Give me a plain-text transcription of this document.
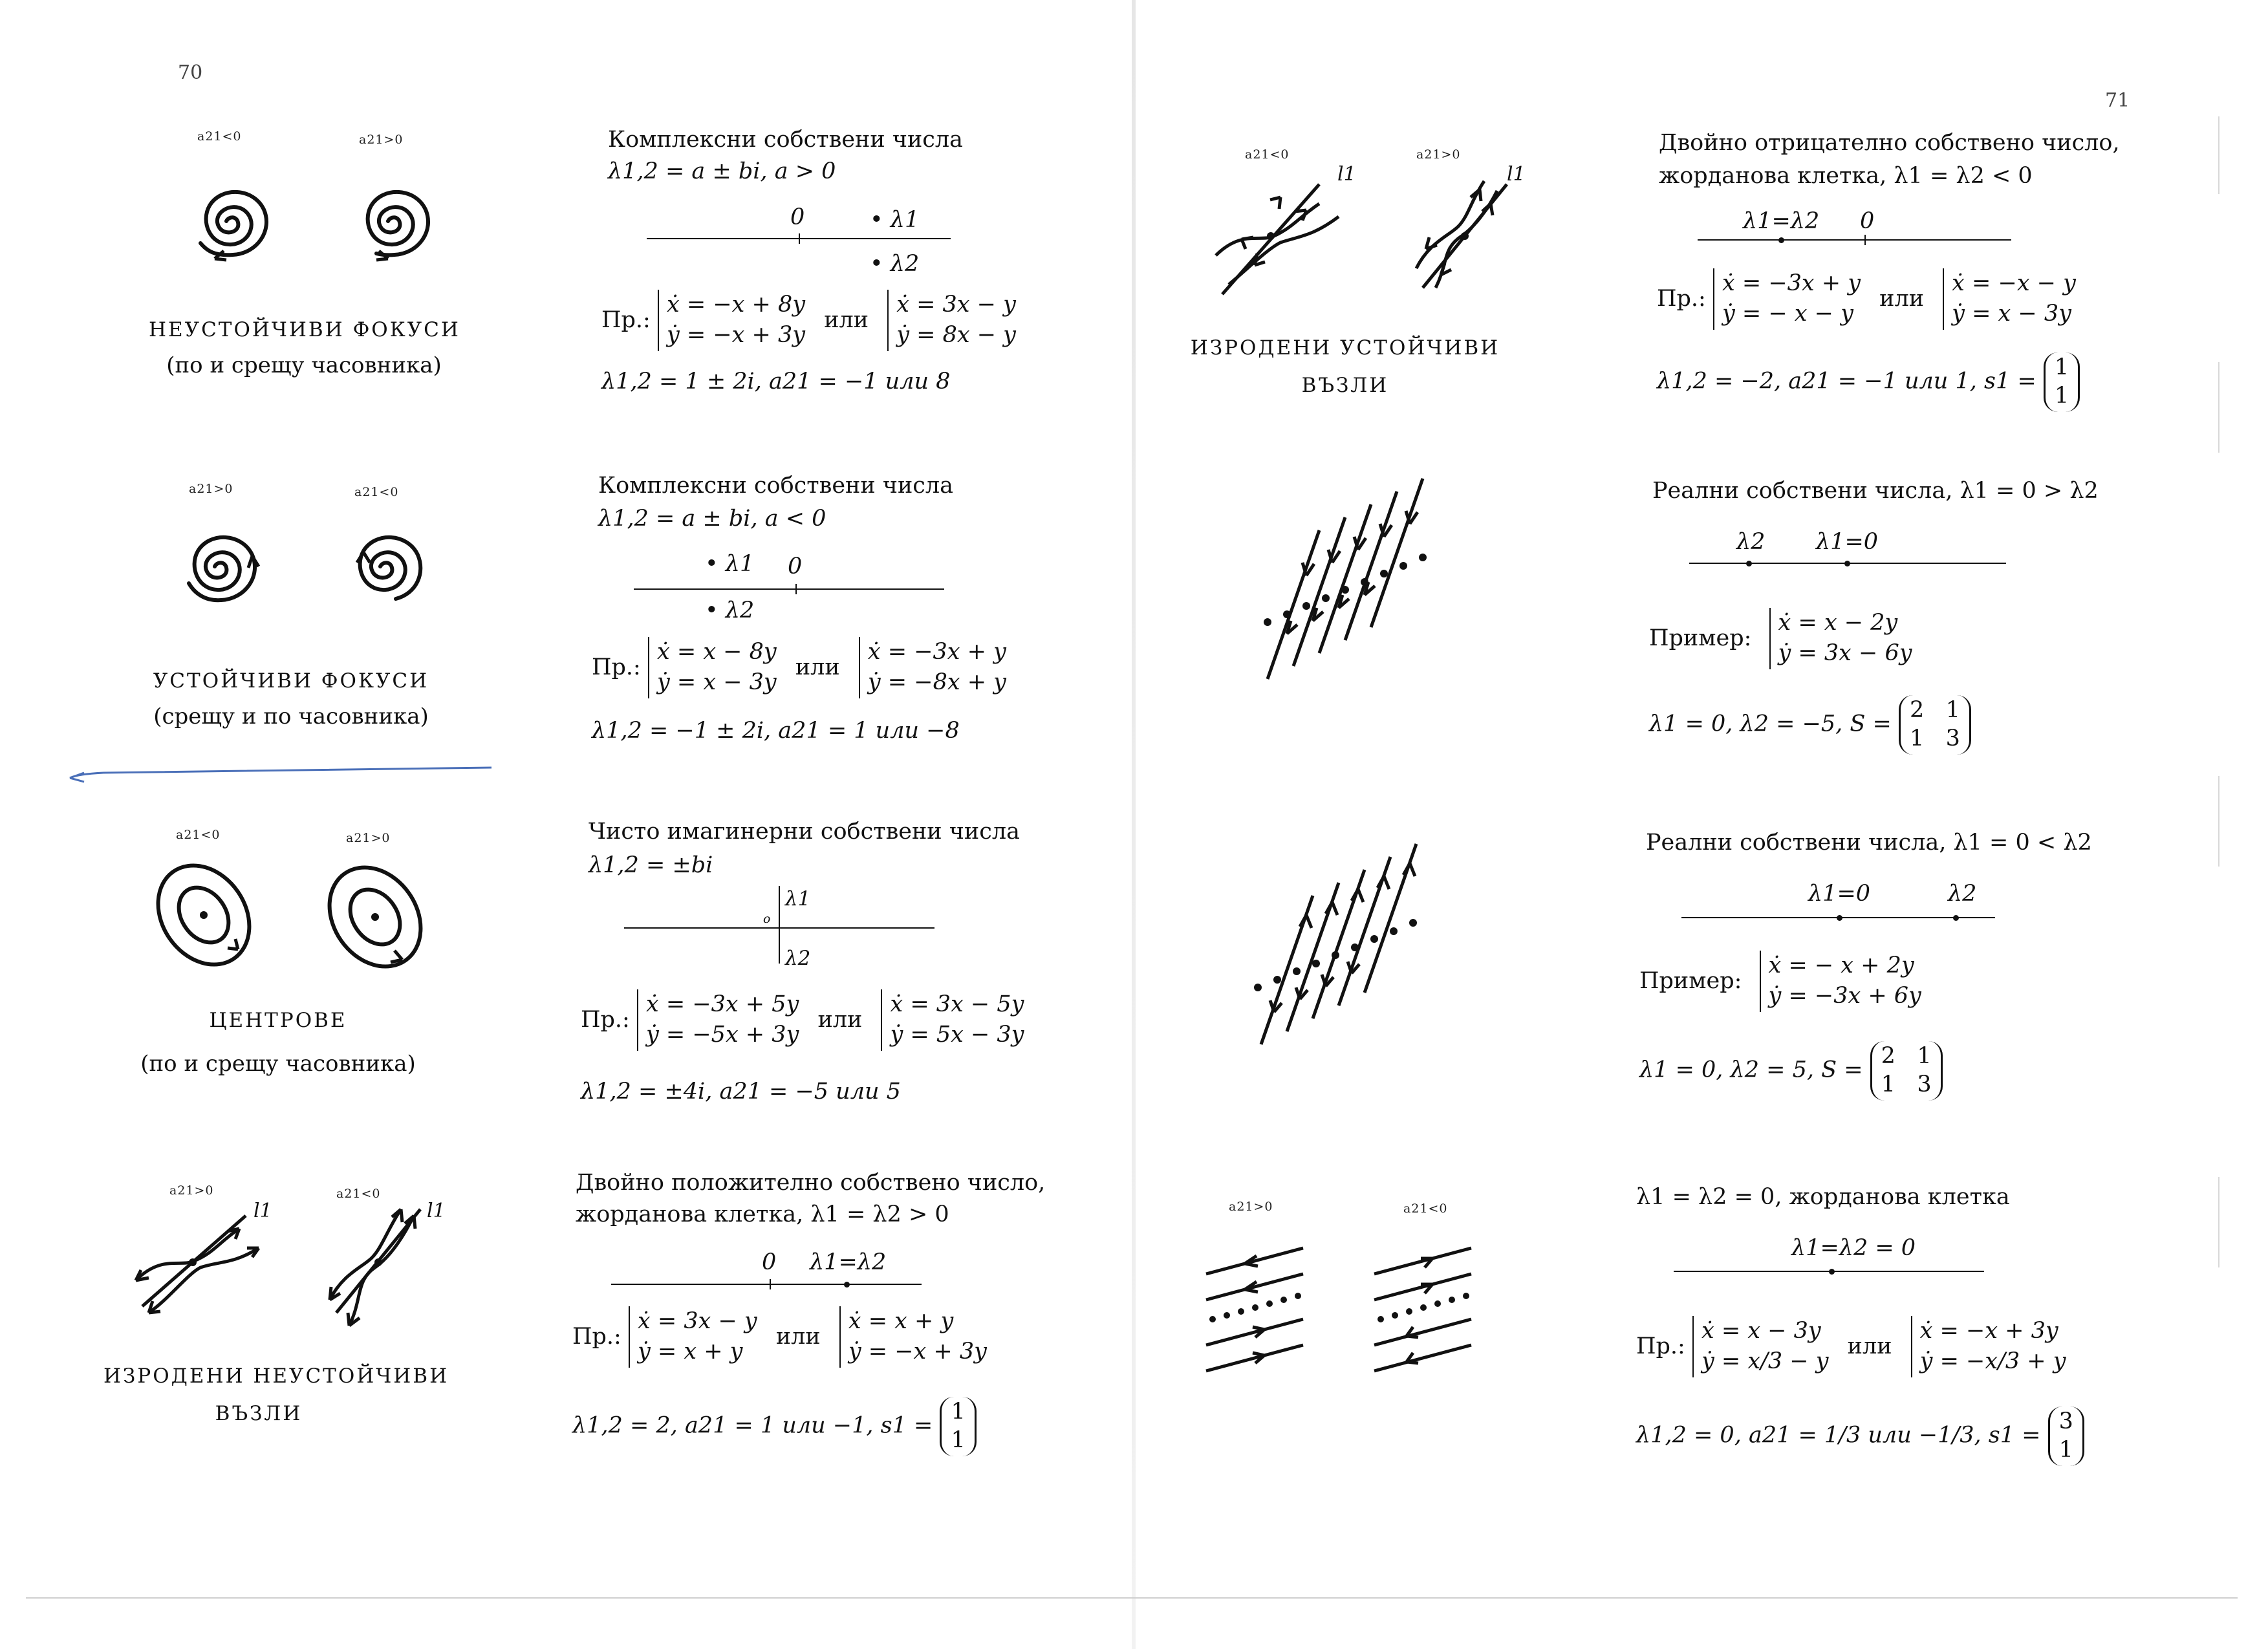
70
a21<0	a21>0
НЕУСТОЙЧИВИ ФОКУСИ
(по и срещу часовника)
Комплексни собствени числа
λ1,2 = a ± bi, a > 0
0	• λ1
• λ2
Пр.:
ẋ = −x + 8y
ẏ = −x + 3y
или
ẋ = 3x − y
ẏ = 8x − y
λ1,2 = 1 ± 2i, a21 = −1 или 8
a21>0	a21<0
УСТОЙЧИВИ ФОКУСИ
(срещу и по часовника)
Комплексни собствени числа
λ1,2 = a ± bi, a < 0
• λ1 0
• λ2
Пр.:
ẋ = x − 8y
ẏ = x − 3y
или
ẋ = −3x + y
ẏ = −8x + y
λ1,2 = −1 ± 2i, a21 = 1 или −8
a21<0	a21>0
ЦЕНТРОВЕ
(по и срещу часовника)
Чисто имагинерни собствени числа
λ1,2 = ±bi
λ1
o
λ2
Пр.:
ẋ = −3x + 5y
ẏ = −5x + 3y
или
ẋ = 3x − 5y
ẏ = 5x − 3y
λ1,2 = ±4i, a21 = −5 или 5
a21>0	a21<0
l1	l1
ИЗРОДЕНИ НЕУСТОЙЧИВИ
ВЪЗЛИ
Двойно положително собствено число,
жорданова клетка, λ1 = λ2 > 0
0 λ1=λ2
Пр.:
ẋ = 3x − y
ẏ = x + y
или
ẋ = x + y
ẏ = −x + 3y
λ1,2 = 2, a21 = 1 или −1, s1 =
1
1
71
a21<0	a21>0
l1	l1
ИЗРОДЕНИ УСТОЙЧИВИ
ВЪЗЛИ
Двойно отрицателно собствено число,
жорданова клетка, λ1 = λ2 < 0
λ1=λ2 0
Пр.:
ẋ = −3x + y
ẏ = − x − y
или
ẋ = −x − y
ẏ = x − 3y
λ1,2 = −2, a21 = −1 или 1, s1 =
1
1
Реални собствени числа, λ1 = 0 > λ2
λ2 λ1=0
Пример:
ẋ = x − 2y
ẏ = 3x − 6y
λ1 = 0, λ2 = −5, S =
2 1
1 3
Реални собствени числа, λ1 = 0 < λ2
λ1=0	λ2
Пример:
ẋ = − x + 2y
ẏ = −3x + 6y
λ1 = 0, λ2 = 5, S =
2 1
1 3
a21>0	a21<0	λ1 = λ2 = 0, жорданова клетка
λ1=λ2 = 0
Пр.:
ẋ = x − 3y
ẏ = x/3 − y
или
ẋ = −x + 3y
ẏ = −x/3 + y
λ1,2 = 0, a21 = 1/3 или −1/3, s1 =
3
1
